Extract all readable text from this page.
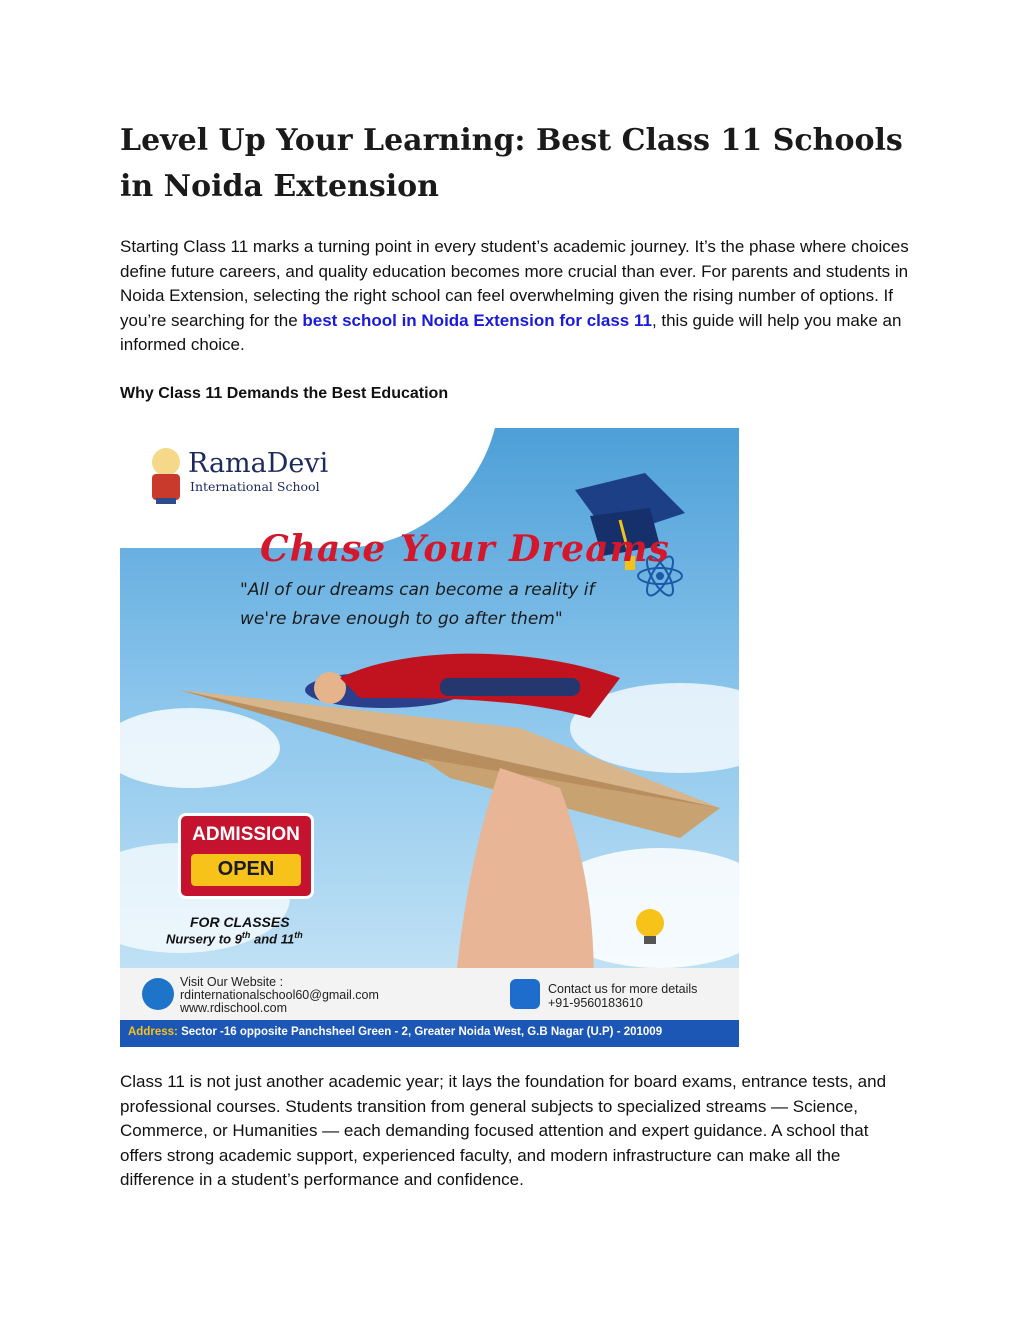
Level Up Your Learning: Best Class 11 Schools in Noida Extension

Starting Class 11 marks a turning point in every student’s academic journey. It’s the phase where choices define future careers, and quality education becomes more crucial than ever. For parents and students in Noida Extension, selecting the right school can feel overwhelming given the rising number of options. If you’re searching for the best school in Noida Extension for class 11, this guide will help you make an informed choice.

Why Class 11 Demands the Best Education
RamaDevi
International School
Chase Your Dreams
"All of our dreams can become a reality if we're brave enough to go after them"
ADMISSION
OPEN
FOR CLASSES
Nursery to 9th and 11th
Visit Our Website :
rdinternationalschool60@gmail.com
www.rdischool.com
Contact us for more details
+91-9560183610
Address: Sector -16 opposite Panchsheel Green - 2, Greater Noida West, G.B Nagar (U.P) - 201009

Class 11 is not just another academic year; it lays the foundation for board exams, entrance tests, and professional courses. Students transition from general subjects to specialized streams — Science, Commerce, or Humanities — each demanding focused attention and expert guidance. A school that offers strong academic support, experienced faculty, and modern infrastructure can make all the difference in a student’s performance and confidence.
